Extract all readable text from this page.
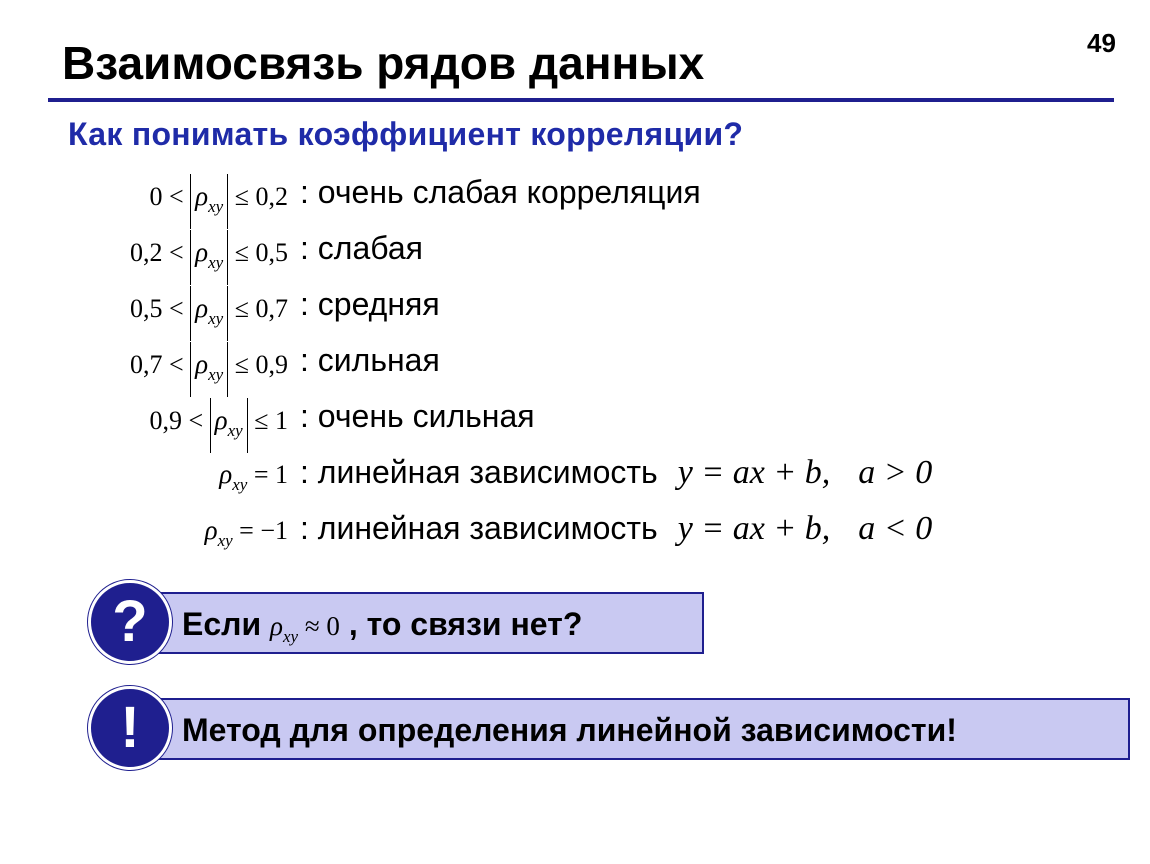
Взаимосвязь рядов данных	49
Как понимать коэффициент корреляции?
$0 < \rho_{xy} \le 0,2$ : очень слабая корреляция
$0,2 < \rho_{xy} \le 0,5$ : слабая
$0,5 < \rho_{xy} \le 0,7$ : средняя
$0,7 < \rho_{xy} \le 0,9$ : сильная
$0,9 < \rho_{xy} \le 1$ : очень сильная
$\rho_{xy} = 1$ : линейная зависимость y = ax + b, a > 0
$\rho_{xy} = -1$ : линейная зависимость y = ax + b, a < 0
Если $\rho_{xy} \approx 0$ , то связи нет?
?
Метод для определения линейной зависимости!
!
